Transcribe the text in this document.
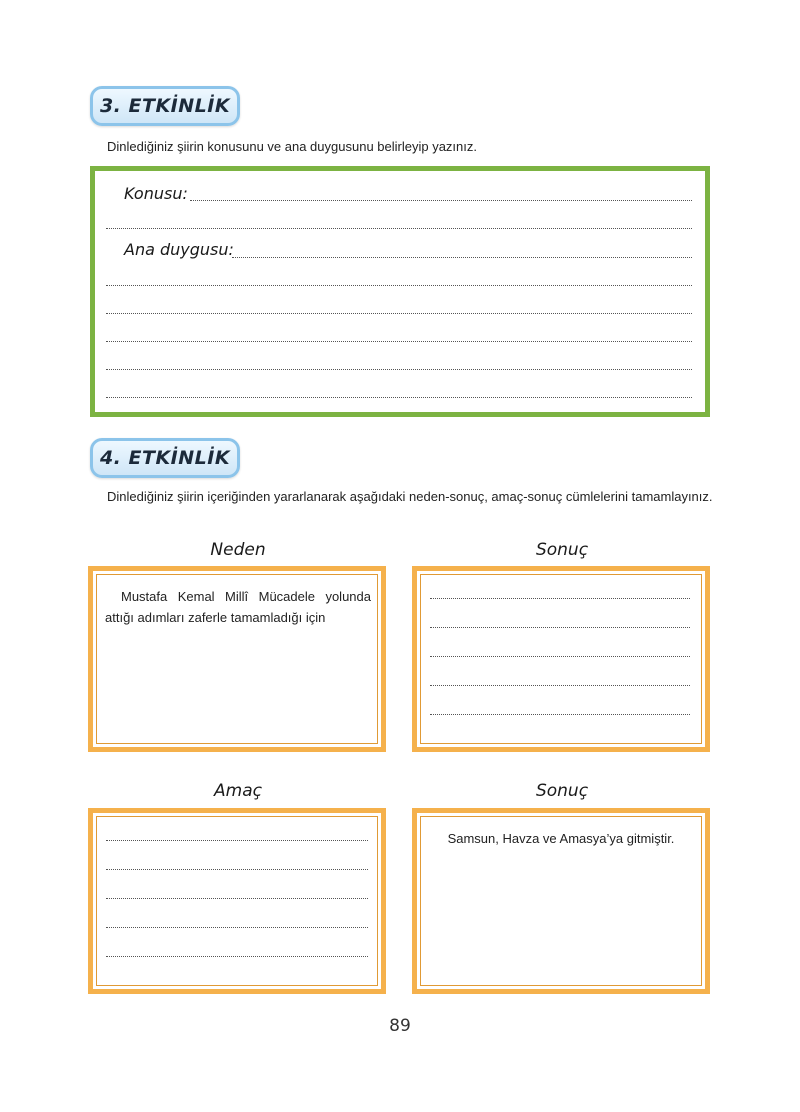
3. ETKİNLİK
Dinlediğiniz şiirin konusunu ve ana duygusunu belirleyip yazınız.
Konusu:
Ana duygusu:
4. ETKİNLİK
Dinlediğiniz şiirin içeriğinden yararlanarak aşağıdaki neden-sonuç, amaç-sonuç cümlelerini tamamlayınız.
Neden	Sonuç
Mustafa Kemal Millî Mücadele yolunda attığı adımları zaferle tamamladığı için
Amaç	Sonuç
Samsun, Havza ve Amasya’ya gitmiştir.
89
